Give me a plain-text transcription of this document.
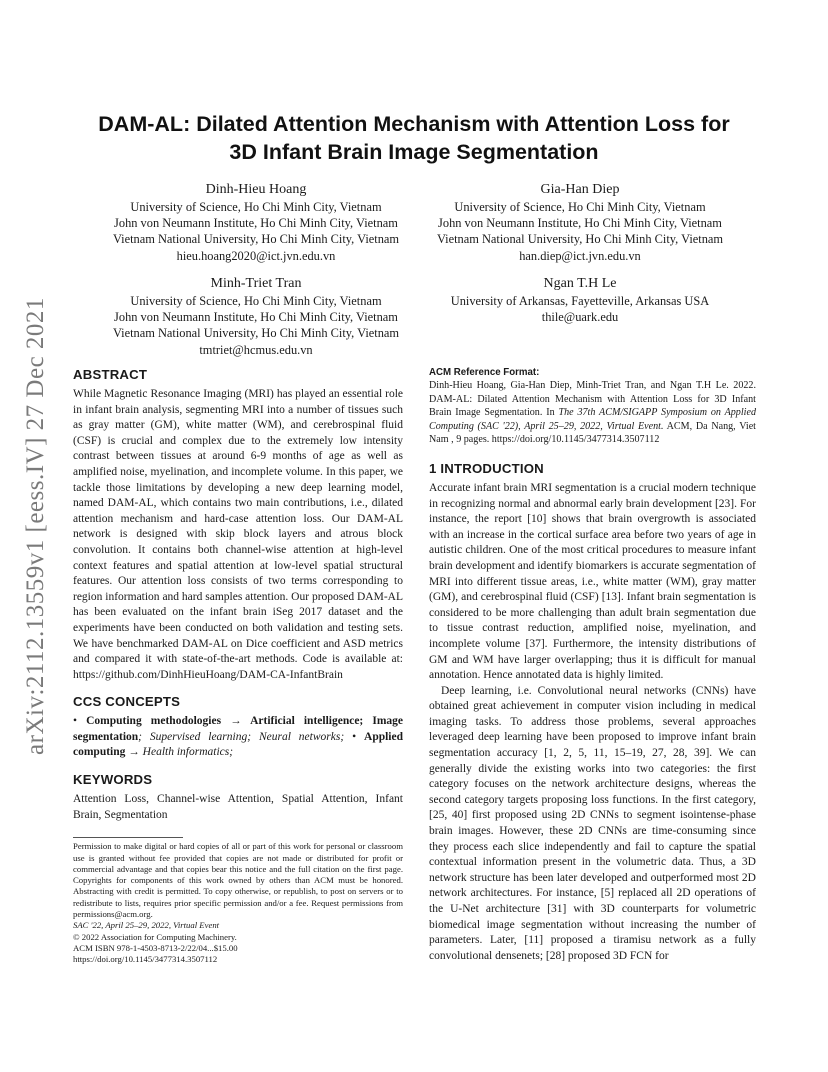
arXiv:2112.13559v1 [eess.IV] 27 Dec 2021
DAM-AL: Dilated Attention Mechanism with Attention Loss for
3D Infant Brain Image Segmentation
Dinh-Hieu Hoang
University of Science, Ho Chi Minh City, Vietnam
John von Neumann Institute, Ho Chi Minh City, Vietnam
Vietnam National University, Ho Chi Minh City, Vietnam
hieu.hoang2020@ict.jvn.edu.vn
Gia-Han Diep
University of Science, Ho Chi Minh City, Vietnam
John von Neumann Institute, Ho Chi Minh City, Vietnam
Vietnam National University, Ho Chi Minh City, Vietnam
han.diep@ict.jvn.edu.vn
Minh-Triet Tran
University of Science, Ho Chi Minh City, Vietnam
John von Neumann Institute, Ho Chi Minh City, Vietnam
Vietnam National University, Ho Chi Minh City, Vietnam
tmtriet@hcmus.edu.vn
Ngan T.H Le
University of Arkansas, Fayetteville, Arkansas USA
thile@uark.edu
ABSTRACT

While Magnetic Resonance Imaging (MRI) has played an essential role in infant brain analysis, segmenting MRI into a number of tissues such as gray matter (GM), white matter (WM), and cerebrospinal fluid (CSF) is crucial and complex due to the extremely low intensity contrast between tissues at around 6-9 months of age as well as amplified noise, myelination, and incomplete volume. In this paper, we tackle those limitations by developing a new deep learning model, named DAM-AL, which contains two main contributions, i.e., dilated attention mechanism and hard-case attention loss. Our DAM-AL network is designed with skip block layers and atrous block convolution. It contains both channel-wise attention at high-level context features and spatial attention at low-level spatial structural features. Our attention loss consists of two terms corresponding to region information and hard samples attention. Our proposed DAM-AL has been evaluated on the infant brain iSeg 2017 dataset and the experiments have been conducted on both validation and testing sets. We have benchmarked DAM-AL on Dice coefficient and ASD metrics and compared it with state-of-the-art methods. Code is available at: https://github.com/DinhHieuHoang/DAM-CA-InfantBrain

CCS CONCEPTS

• Computing methodologies → Artificial intelligence; Image segmentation; Supervised learning; Neural networks; • Applied computing → Health informatics;

KEYWORDS

Attention Loss, Channel-wise Attention, Spatial Attention, Infant Brain, Segmentation

Permission to make digital or hard copies of all or part of this work for personal or classroom use is granted without fee provided that copies are not made or distributed for profit or commercial advantage and that copies bear this notice and the full citation on the first page. Copyrights for components of this work owned by others than ACM must be honored. Abstracting with credit is permitted. To copy otherwise, or republish, to post on servers or to redistribute to lists, requires prior specific permission and/or a fee. Request permissions from permissions@acm.org.
SAC '22, April 25–29, 2022, Virtual Event
© 2022 Association for Computing Machinery.
ACM ISBN 978-1-4503-8713-2/22/04...$15.00
https://doi.org/10.1145/3477314.3507112
ACM Reference Format:

Dinh-Hieu Hoang, Gia-Han Diep, Minh-Triet Tran, and Ngan T.H Le. 2022. DAM-AL: Dilated Attention Mechanism with Attention Loss for 3D Infant Brain Image Segmentation. In The 37th ACM/SIGAPP Symposium on Applied Computing (SAC '22), April 25–29, 2022, Virtual Event. ACM, Da Nang, Viet Nam , 9 pages. https://doi.org/10.1145/3477314.3507112

1 INTRODUCTION

Accurate infant brain MRI segmentation is a crucial modern technique in recognizing normal and abnormal early brain development [23]. For instance, the report [10] shows that brain overgrowth is associated with an increase in the cortical surface area before two years of age in autistic children. One of the most critical procedures to measure infant brain development and identify biomarkers is accurate segmentation of MRI into different tissue areas, i.e., white matter (WM), gray matter (GM), and cerebrospinal fluid (CSF) [13]. Infant brain segmentation is considered to be more challenging than adult brain segmentation due to tissue contrast reduction, amplified noise, myelination, and incomplete volume [37]. Furthermore, the intensity distributions of GM and WM have larger overlapping; thus it is difficult for manual annotation. Hence annotated data is highly limited.

Deep learning, i.e. Convolutional neural networks (CNNs) have obtained great achievement in computer vision including in medical imaging tasks. To address those problems, several approaches leveraged deep learning have been proposed to improve infant brain segmentation accuracy [1, 2, 5, 11, 15–19, 27, 28, 39]. We can generally divide the existing works into two categories: the first category focuses on the network architecture designs, whereas the second category targets proposing loss functions. In the first category, [25, 40] first proposed using 2D CNNs to segment isointense-phase brain images. However, these 2D CNNs are time-consuming since they process each slice independently and fail to capture the spatial contextual information present in the volumetric data. Thus, a 3D network structure has been later developed and outperformed most 2D network architectures. For instance, [5] replaced all 2D operations of the U-Net architecture [31] with 3D counterparts for volumetric biomedical image segmentation without increasing the number of parameters. Later, [11] proposed a tiramisu network as a fully convolutional densenets; [28] proposed 3D FCN for
